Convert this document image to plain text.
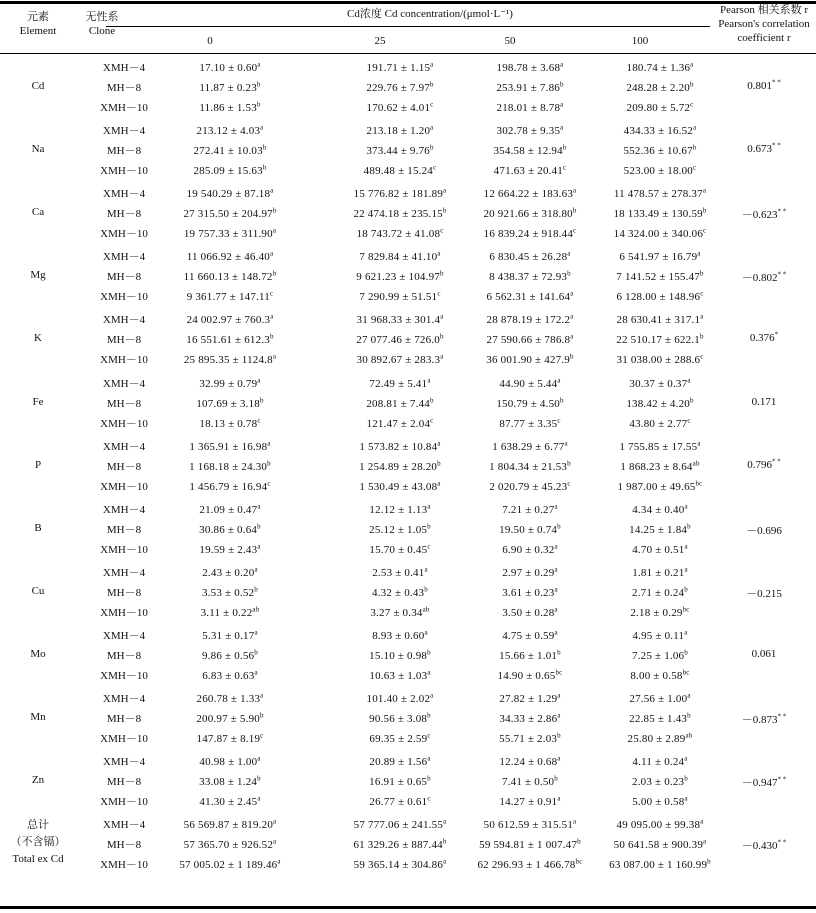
元素
Element
无性系
Clone
Cd浓度 Cd concentration/(μmol·L⁻¹)
0	25	50	100
Pearson 相关系数 r
Pearson's correlation
coefficient r
Cd
XMH－4	17.10 ± 0.60$^a$	191.71 ± 1.15$^a$	198.78 ± 3.68$^a$	180.74 ± 1.36$^a$
MH－8	11.87 ± 0.23$^b$	229.76 ± 7.97$^b$	253.91 ± 7.86$^b$	248.28 ± 2.20$^b$
XMH－10	11.86 ± 1.53$^b$	170.62 ± 4.01$^c$	218.01 ± 8.78$^a$	209.80 ± 5.72$^c$
0.801* *
Na
XMH－4	213.12 ± 4.03$^a$	213.18 ± 1.20$^a$	302.78 ± 9.35$^a$	434.33 ± 16.52$^a$
MH－8	272.41 ± 10.03$^b$	373.44 ± 9.76$^b$	354.58 ± 12.94$^b$	552.36 ± 10.67$^b$
XMH－10	285.09 ± 15.63$^b$	489.48 ± 15.24$^c$	471.63 ± 20.41$^c$	523.00 ± 18.00$^c$
0.673* *
Ca
XMH－4	19 540.29 ± 87.18$^a$	15 776.82 ± 181.89$^a$	12 664.22 ± 183.63$^a$	11 478.57 ± 278.37$^a$
MH－8	27 315.50 ± 204.97$^b$	22 474.18 ± 235.15$^b$	20 921.66 ± 318.80$^b$	18 133.49 ± 130.59$^b$
XMH－10	19 757.33 ± 311.90$^a$	18 743.72 ± 41.08$^c$	16 839.24 ± 918.44$^c$	14 324.00 ± 340.06$^c$
－0.623* *
Mg
XMH－4	11 066.92 ± 46.40$^a$	7 829.84 ± 41.10$^a$	6 830.45 ± 26.28$^a$	6 541.97 ± 16.79$^a$
MH－8	11 660.13 ± 148.72$^b$	9 621.23 ± 104.97$^b$	8 438.37 ± 72.93$^b$	7 141.52 ± 155.47$^b$
XMH－10	9 361.77 ± 147.11$^c$	7 290.99 ± 51.51$^c$	6 562.31 ± 141.64$^a$	6 128.00 ± 148.96$^c$
－0.802* *
K
XMH－4	24 002.97 ± 760.3$^a$	31 968.33 ± 301.4$^a$	28 878.19 ± 172.2$^a$	28 630.41 ± 317.1$^a$
MH－8	16 551.61 ± 612.3$^b$	27 077.46 ± 726.0$^b$	27 590.66 ± 786.8$^a$	22 510.17 ± 622.1$^b$
XMH－10	25 895.35 ± 1124.8$^a$	30 892.67 ± 283.3$^a$	36 001.90 ± 427.9$^b$	31 038.00 ± 288.6$^c$
0.376*
Fe
XMH－4	32.99 ± 0.79$^a$	72.49 ± 5.41$^a$	44.90 ± 5.44$^a$	30.37 ± 0.37$^a$
MH－8	107.69 ± 3.18$^b$	208.81 ± 7.44$^b$	150.79 ± 4.50$^b$	138.42 ± 4.20$^b$
XMH－10	18.13 ± 0.78$^c$	121.47 ± 2.04$^c$	87.77 ± 3.35$^c$	43.80 ± 2.77$^c$
0.171
P
XMH－4	1 365.91 ± 16.98$^a$	1 573.82 ± 10.84$^a$	1 638.29 ± 6.77$^a$	1 755.85 ± 17.55$^a$
MH－8	1 168.18 ± 24.30$^b$	1 254.89 ± 28.20$^b$	1 804.34 ± 21.53$^b$	1 868.23 ± 8.64$^{ab}$
XMH－10	1 456.79 ± 16.94$^c$	1 530.49 ± 43.08$^a$	2 020.79 ± 45.23$^c$	1 987.00 ± 49.65$^{bc}$
0.796* *
B
XMH－4	21.09 ± 0.47$^a$	12.12 ± 1.13$^a$	7.21 ± 0.27$^a$	4.34 ± 0.40$^a$
MH－8	30.86 ± 0.64$^b$	25.12 ± 1.05$^b$	19.50 ± 0.74$^b$	14.25 ± 1.84$^b$
XMH－10	19.59 ± 2.43$^a$	15.70 ± 0.45$^c$	6.90 ± 0.32$^a$	4.70 ± 0.51$^a$
－0.696
Cu
XMH－4	2.43 ± 0.20$^a$	2.53 ± 0.41$^a$	2.97 ± 0.29$^a$	1.81 ± 0.21$^a$
MH－8	3.53 ± 0.52$^b$	4.32 ± 0.43$^b$	3.61 ± 0.23$^a$	2.71 ± 0.24$^b$
XMH－10	3.11 ± 0.22$^{ab}$	3.27 ± 0.34$^{ab}$	3.50 ± 0.28$^a$	2.18 ± 0.29$^{bc}$
－0.215
Mo
XMH－4	5.31 ± 0.17$^a$	8.93 ± 0.60$^a$	4.75 ± 0.59$^a$	4.95 ± 0.11$^a$
MH－8	9.86 ± 0.56$^b$	15.10 ± 0.98$^b$	15.66 ± 1.01$^b$	7.25 ± 1.06$^b$
XMH－10	6.83 ± 0.63$^a$	10.63 ± 1.03$^a$	14.90 ± 0.65$^{bc}$	8.00 ± 0.58$^{bc}$
0.061
Mn
XMH－4	260.78 ± 1.33$^a$	101.40 ± 2.02$^a$	27.82 ± 1.29$^a$	27.56 ± 1.00$^a$
MH－8	200.97 ± 5.90$^b$	90.56 ± 3.08$^b$	34.33 ± 2.86$^a$	22.85 ± 1.43$^b$
XMH－10	147.87 ± 8.19$^c$	69.35 ± 2.59$^c$	55.71 ± 2.03$^b$	25.80 ± 2.89$^{ab}$
－0.873* *
Zn
XMH－4	40.98 ± 1.00$^a$	20.89 ± 1.56$^a$	12.24 ± 0.68$^a$	4.11 ± 0.24$^a$
MH－8	33.08 ± 1.24$^b$	16.91 ± 0.65$^b$	7.41 ± 0.50$^b$	2.03 ± 0.23$^b$
XMH－10	41.30 ± 2.45$^a$	26.77 ± 0.61$^c$	14.27 ± 0.91$^a$	5.00 ± 0.58$^a$
－0.947* *
总计
（不含镉）
Total ex Cd
XMH－4	56 569.87 ± 819.20$^a$	57 777.06 ± 241.55$^a$	50 612.59 ± 315.51$^a$	49 095.00 ± 99.38$^a$
MH－8	57 365.70 ± 926.52$^a$	61 329.26 ± 887.44$^b$	59 594.81 ± 1 007.47$^b$	50 641.58 ± 900.39$^a$
XMH－10	57 005.02 ± 1 189.46$^a$	59 365.14 ± 304.86$^a$	62 296.93 ± 1 466.78$^{bc}$	63 087.00 ± 1 160.99$^b$
－0.430* *
